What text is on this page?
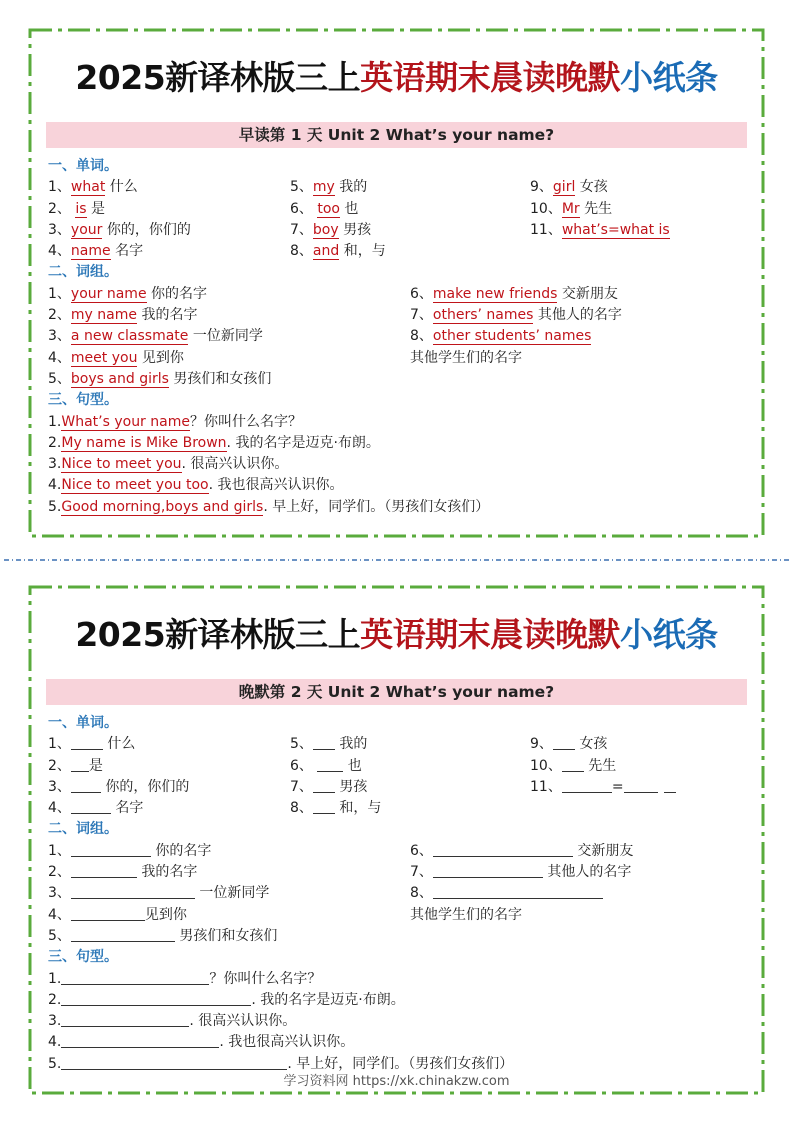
2025新译林版三上英语期末晨读晚默小纸条
早读第 1 天 Unit 2 What’s your name?
一、单词。
1、what 什么	5、my 我的	9、girl 女孩
2、 is 是	6、 too 也	10、Mr 先生
3、your 你的，你们的	7、boy 男孩	11、what’s=what is
4、name 名字	8、and 和，与
二、词组。
1、your name 你的名字	6、make new friends 交新朋友
2、my name 我的名字	7、others’ names 其他人的名字
3、a new classmate 一位新同学	8、other students’ names
4、meet you 见到你	其他学生们的名字
5、boys and girls 男孩们和女孩们
三、句型。
1.What’s your name？你叫什么名字？
2.My name is Mike Brown. 我的名字是迈克·布朗。
3.Nice to meet you. 很高兴认识你。
4.Nice to meet you too. 我也很高兴认识你。
5.Good morning,boys and girls. 早上好，同学们。（男孩们女孩们）
2025新译林版三上英语期末晨读晚默小纸条
晚默第 2 天 Unit 2 What’s your name?
一、单词。
1、 什么	5、 我的	9、 女孩
2、 是	6、  也	10、 先生
3、 你的，你们的	7、 男孩	11、	=
4、	名字	8、 和，与
二、词组。
1、	你的名字	6、	交新朋友
2、	我的名字	7、	其他人的名字
3、	一位新同学	8、
4、	见到你	其他学生们的名字
5、	男孩们和女孩们
三、句型。
1.	？你叫什么名字？
2.	. 我的名字是迈克·布朗。
3.	. 很高兴认识你。
4.	. 我也很高兴认识你。
5.	. 早上好，同学们。（男孩们女孩们）
学习资料网 https://xk.chinakzw.com
